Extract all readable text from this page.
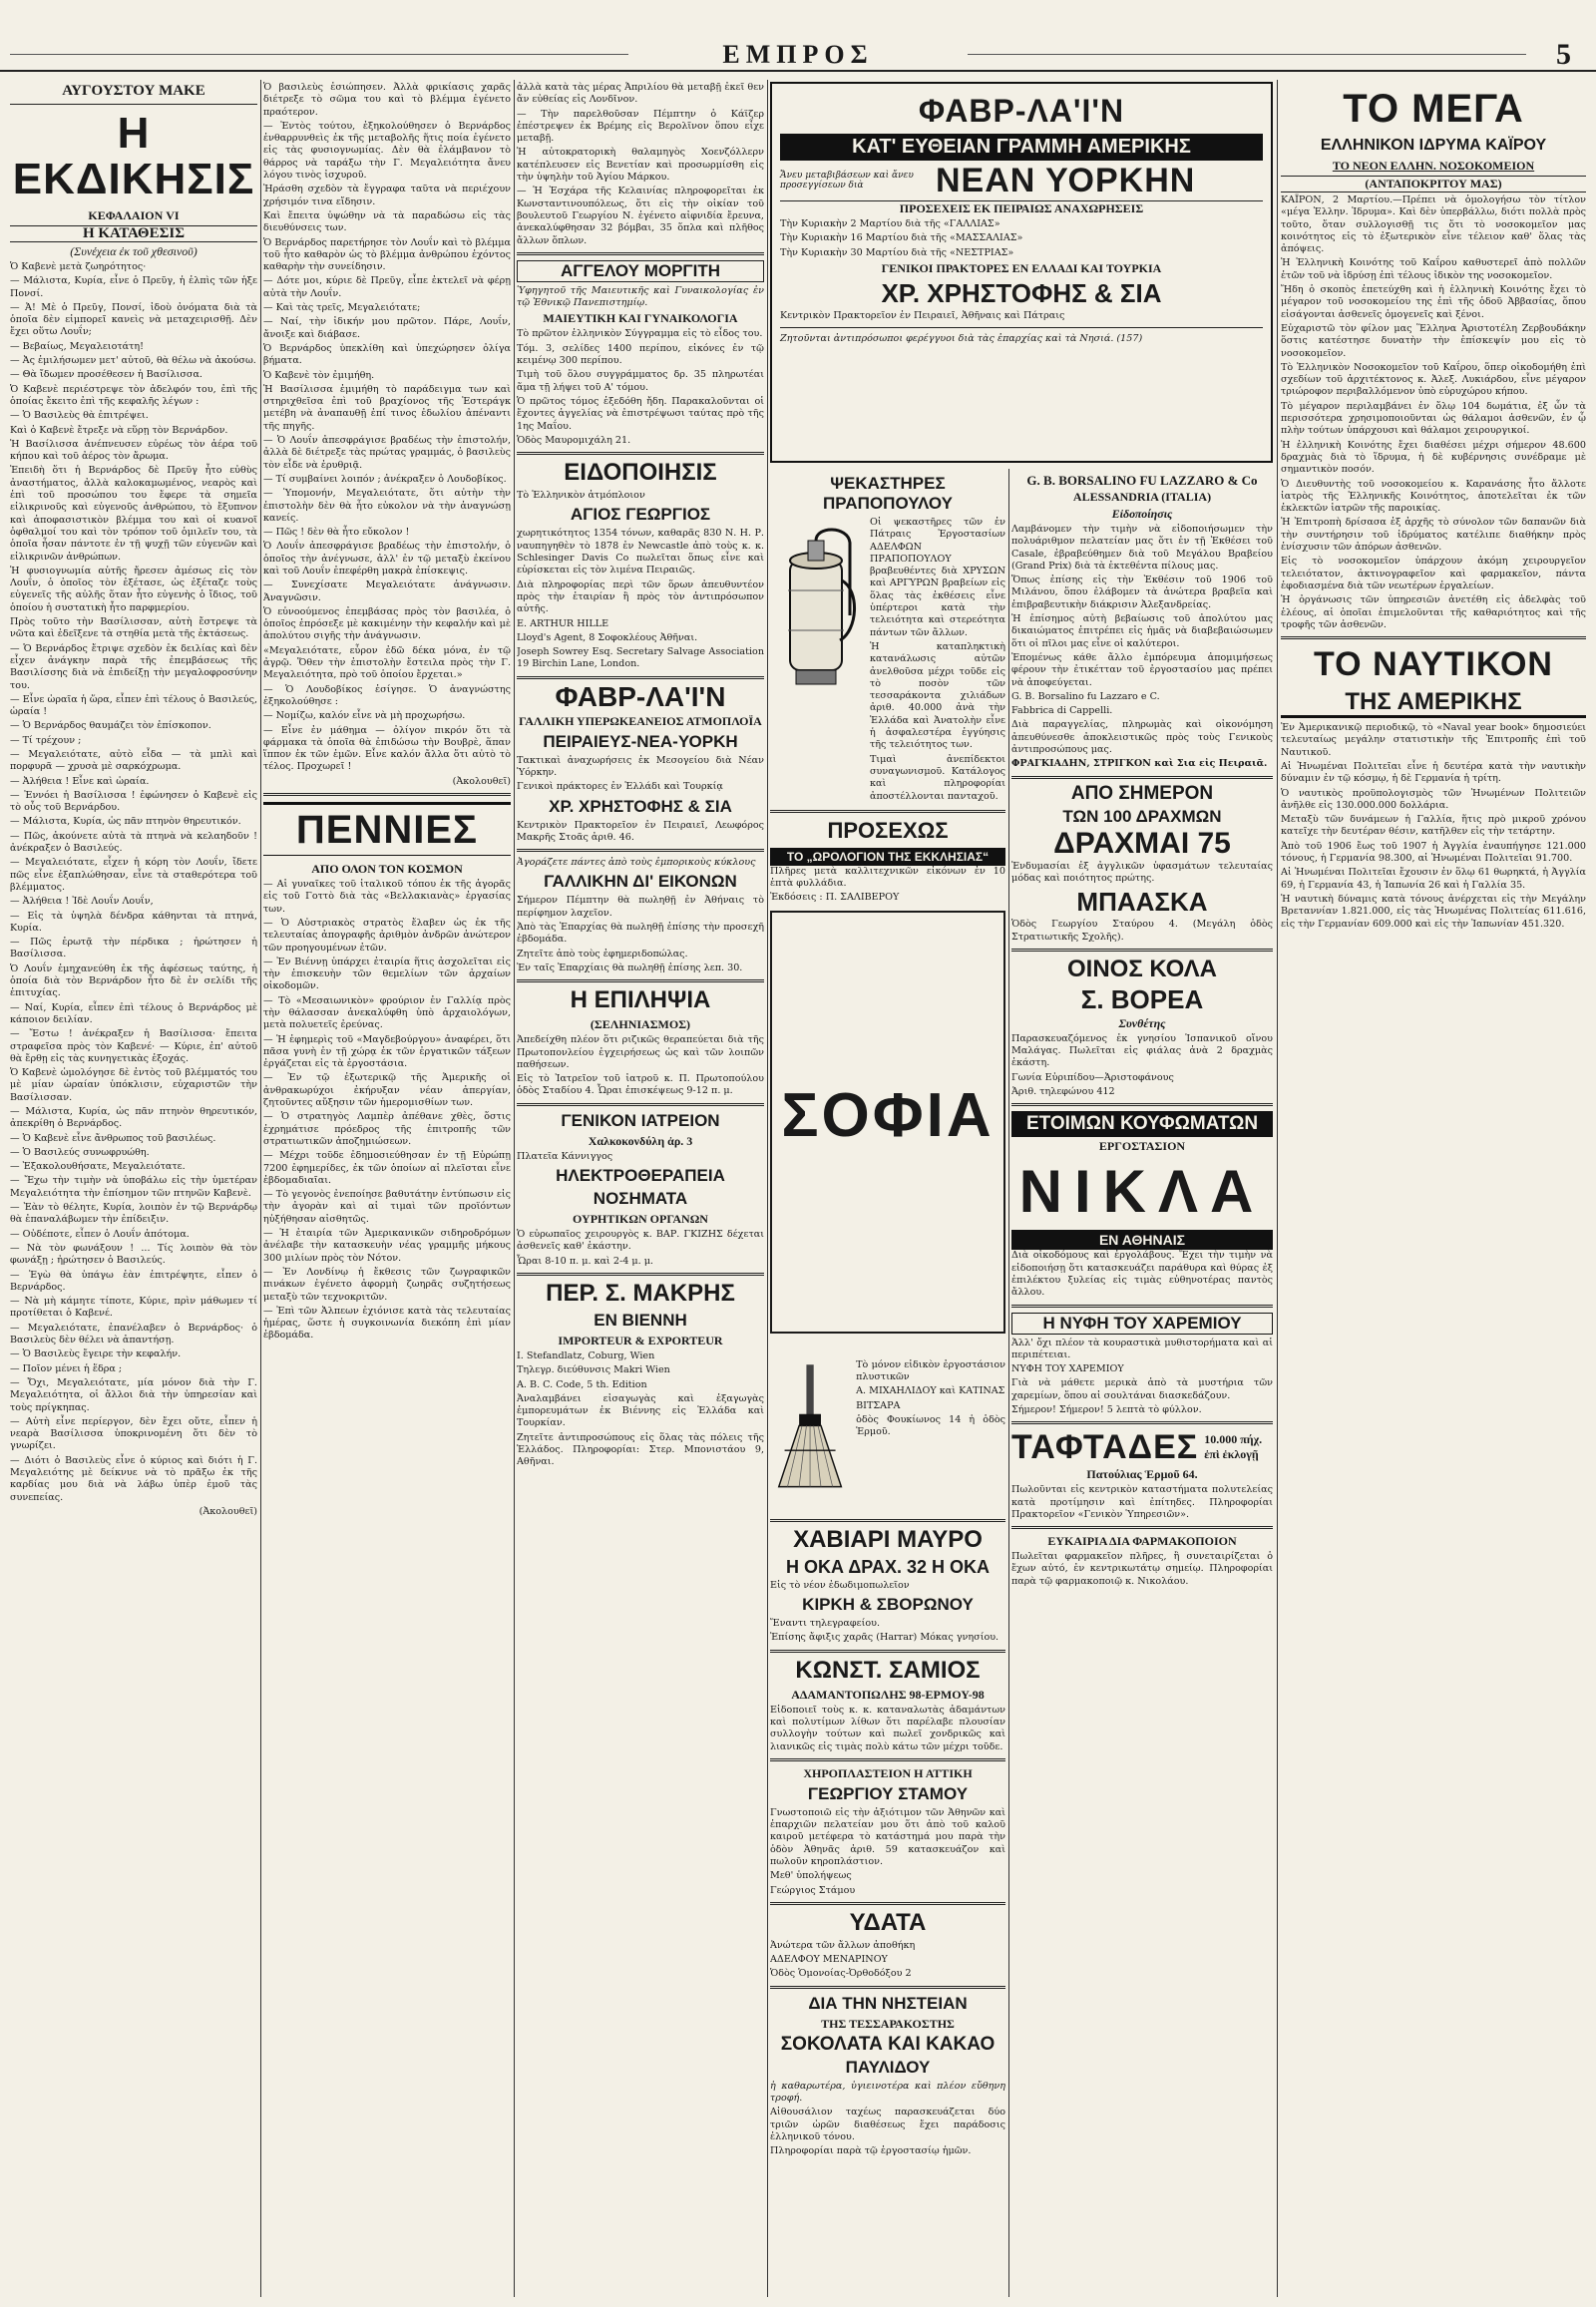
ΕΜΠΡΟΣ	5
ΑΥΓΟΥΣΤΟΥ ΜΑΚΕ
Η ΕΚΔΙΚΗΣΙΣ
ΚΕΦΑΛΑΙΟΝ VI
Η ΚΑΤΑΘΕΣΙΣ
(Συνέχεια ἐκ τοῦ χθεσινοῦ)

Ὁ Καβενὲ μετὰ ζωηρότητος·

— Μάλιστα, Κυρία, εἶνε ὁ Πρεῦγ, ἡ ἐλπὶς τῶν ἡξε Πονσί.

— Ἀ! Μὲ ὁ Πρεῦγ, Πονσί, ἰδοὺ ὀνόματα διὰ τὰ ὁποῖα δὲν εἰμπορεῖ κανεὶς νὰ μεταχειρισθῇ. Δὲν ἔχει οὕτω Λουΐν;

— Βεβαίως, Μεγαλειοτάτη!

— Ἀς ἐμιλήσωμεν μετ' αὐτοῦ, θὰ θέλω νὰ ἀκούσω.

— Θὰ ἴδωμεν προσέθεσεν ἡ Βασίλισσα.

Ὁ Καβενὲ περιέστρεψε τὸν ἀδελφόν του, ἐπὶ τῆς ὁποίας ἔκειτο ἐπὶ τῆς κεφαλῆς λέγων :

— Ὁ Βασιλεὺς θὰ ἐπιτρέψει.

Καὶ ὁ Καβενὲ ἔτρεξε νὰ εὕρῃ τὸν Βερνάρδον.

Ἡ Βασίλισσα ἀνέπνευσεν εὐρέως τὸν ἀέρα τοῦ κήπου καὶ τοῦ ἀέρος τὸν ἄρωμα.

Ἐπειδὴ ὅτι ἡ Βερνάρδος δὲ Πρεῦγ ἦτο εὐθὺς ἀναστήματος, ἀλλὰ καλοκαμωμένος, νεαρὸς καὶ ἐπὶ τοῦ προσώπου του ἔφερε τὰ σημεῖα εἰλικρινοῦς καὶ εὐγενοῦς ἀνθρώπου, τὸ ἔξυπνον καὶ ἀποφασιστικὸν βλέμμα του καὶ οἱ κυανοῖ ὀφθαλμοί του καὶ τὸν τρόπον τοῦ ὁμιλεῖν του, τὰ ὁποῖα ἦσαν πάντοτε ἐν τῇ ψυχῇ τῶν εὐγενῶν καὶ εἰλικρινῶν ἀνθρώπων.

Ἡ φυσιογνωμία αὐτῆς ἤρεσεν ἀμέσως εἰς τὸν Λουΐν, ὁ ὁποῖος τὸν ἐξέτασε, ὡς ἐξέταζε τοὺς εὐγενεῖς τῆς αὐλῆς ὅταν ἦτο εὐγενὴς ὁ ἴδιος, τοῦ ὁποίου ἡ συστατικὴ ἦτο παρφμερίου.

Πρὸς τοῦτο τὴν Βασίλισσαν, αὐτὴ ἔστρεψε τὰ νῶτα καὶ ἐδεῖξενε τὰ στηθία μετὰ τῆς ἐκτάσεως.

— Ὁ Βερνάρδος ἔτριψε σχεδὸν ἐκ δειλίας καὶ δὲν εἶχεν ἀνάγκην παρὰ τῆς ἐπεμβάσεως τῆς Βασιλίσσης διὰ νὰ ἐπιδείξῃ τὴν μεγαλοφροσύνην του.

— Εἶνε ὡραῖα ἡ ὥρα, εἶπεν ἐπὶ τέλους ὁ Βασιλεύς, ὡραία !

— Ὁ Βερνάρδος θαυμάζει τὸν ἐπίσκοπον.

— Τί τρέχουν ;

— Μεγαλειότατε, αὐτὸ εἶδα — τὰ μπλὶ καὶ πορφυρᾶ — χρυσὰ μὲ σαρκόχρωμα.

— Ἀλήθεια ! Εἶνε καὶ ὡραία.

— Ἐννόει ἡ Βασίλισσα ! ἐφώνησεν ὁ Καβενὲ εἰς τὸ οὖς τοῦ Βερνάρδου.

— Μάλιστα, Κυρία, ὡς πᾶν πτηνὸν θηρευτικόν.

— Πῶς, ἀκούνετε αὐτὰ τὰ πτηνὰ νὰ κελαηδοῦν ! ἀνέκραξεν ὁ Βασιλεύς.

— Μεγαλειότατε, εἶχεν ἡ κόρη τὸν Λουΐν, ἴδετε πῶς εἶνε ἐξαπλώθησαν, εἶνε τὰ σταθερότερα τοῦ βλέμματος.

— Ἀλήθεια ! Ἰδὲ Λουΐν Λουΐν,

— Εἰς τὰ ὑψηλὰ δένδρα κάθηνται τὰ πτηνά, Κυρία.

— Πῶς ἐρωτᾷ τὴν πέρδικα ; ἠρώτησεν ἡ Βασίλισσα.

Ὁ Λουΐν ἐμηχανεύθη ἐκ τῆς ἀφέσεως ταύτης, ἡ ὁποία διὰ τὸν Βερνάρδον ἦτο δὲ ἐν σελίδι τῆς ἐπιτυχίας.

— Ναί, Κυρία, εἶπεν ἐπὶ τέλους ὁ Βερνάρδος μὲ κάποιον δειλίαν.

— Ἔστω ! ἀνέκραξεν ἡ Βασίλισσα· ἔπειτα στραφεῖσα πρὸς τὸν Καβενέ· — Κύριε, ἐπ' αὐτοῦ θὰ ἔρθῃ εἰς τὰς κυνηγετικὰς ἐξοχάς.

Ὁ Καβενὲ ὡμολόγησε δὲ ἐντὸς τοῦ βλέμματός του μὲ μίαν ὡραίαν ὑπόκλισιν, εὐχαριστῶν τὴν Βασίλισσαν.

— Μάλιστα, Κυρία, ὡς πᾶν πτηνὸν θηρευτικόν, ἀπεκρίθη ὁ Βερνάρδος.

— Ὁ Καβενὲ εἶνε ἄνθρωπος τοῦ βασιλέως.

— Ὁ Βασιλεύς συνωφρυώθη.

— Ἐξακολουθήσατε, Μεγαλειότατε.

— Ἔχω τὴν τιμὴν νὰ ὑποβάλω εἰς τὴν ὑμετέραν Μεγαλειότητα τὴν ἐπίσημον τῶν πτηνῶν Καβενὲ.

— Ἐὰν τὸ θέλητε, Κυρία, λοιπὸν ἐν τῷ Βερνάρδῳ θὰ ἐπαναλάβωμεν τὴν ἐπίδειξιν.

— Οὐδέποτε, εἶπεν ὁ Λουΐν ἀπότομα.

— Νὰ τὸν φωνάξουν ! ... Τίς λοιπὸν θὰ τὸν φωνάξῃ ; ἠρώτησεν ὁ Βασιλεύς.

— Ἐγὼ θὰ ὑπάγω ἐὰν ἐπιτρέψητε, εἶπεν ὁ Βερνάρδος.

— Νὰ μὴ κάμητε τίποτε, Κύριε, πρὶν μάθωμεν τί προτίθεται ὁ Καβενέ.

— Μεγαλειότατε, ἐπανέλαβεν ὁ Βερνάρδος· ὁ Βασιλεὺς δὲν θέλει νὰ ἀπαντήσῃ.

— Ὁ Βασιλεὺς ἔγειρε τὴν κεφαλήν.

— Ποῖον μένει ἡ ἕδρα ;

— Ὄχι, Μεγαλειότατε, μία μόνον διὰ τὴν Γ. Μεγαλειότητα, οἱ ἄλλοι διὰ τὴν ὑπηρεσίαν καὶ τοὺς πρίγκηπας.

— Αὐτὴ εἶνε περίεργον, δὲν ἔχει οὔτε, εἶπεν ἡ νεαρὰ Βασίλισσα ὑποκρινομένη ὅτι δὲν τὸ γνωρίζει.

— Διότι ὁ Βασιλεὺς εἶνε ὁ κύριος καὶ διότι ἡ Γ. Μεγαλειότης μὲ δείκνυε νὰ τὸ πρᾶξω ἐκ τῆς καρδίας μου διὰ νὰ λάβω ὑπὲρ ἐμοῦ τὰς συνεπείας.

(Ἀκολουθεῖ)

Ὁ βασιλεὺς ἐσιώπησεν. Ἀλλὰ φρικίασις χαρᾶς διέτρεξε τὸ σῶμα του καὶ τὸ βλέμμα ἐγένετο πραότερον.

— Ἐντὸς τούτου, ἐξηκολούθησεν ὁ Βερνάρδος ἐνθαρρυνθεὶς ἐκ τῆς μεταβολῆς ἥτις ποία ἐγένετο εἰς τὰς φυσιογνωμίας. Δὲν θὰ ἐλάμβανον τὸ θάρρος νὰ ταράξω τὴν Γ. Μεγαλειότητα ἄνευ λόγου τινὸς ἰσχυροῦ.

Ἠράσθη σχεδὸν τὰ ἔγγραφα ταῦτα νὰ περιέχουν χρήσιμόν τινα εἴδησιν.

Καὶ ἔπειτα ὑψώθην νὰ τὰ παραδώσω εἰς τὰς διευθύνσεις των.

Ὁ Βερνάρδος παρετήρησε τὸν Λουΐν καὶ τὸ βλέμμα τοῦ ἦτο καθαρὸν ὡς τὸ βλέμμα ἀνθρώπου ἐχόντος καθαρὴν τὴν συνείδησιν.

— Δότε μοι, κύριε δὲ Πρεῦγ, εἶπε ἐκτελεῖ νὰ φέρῃ αὐτὰ τὴν Λουΐν.

— Καὶ τὰς τρεῖς, Μεγαλειότατε;

— Ναί, τὴν ἰδικήν μου πρῶτον. Πάρε, Λουΐν, ἄνοιξε καὶ διάβασε.

Ὁ Βερνάρδος ὑπεκλίθη καὶ ὑπεχώρησεν ὀλίγα βήματα.

Ὁ Καβενὲ τὸν ἐμιμήθη.

Ἡ Βασίλισσα ἐμιμήθη τὸ παράδειγμα των καὶ στηριχθεῖσα ἐπὶ τοῦ βραχίονος τῆς Ἐστεράγκ μετέβη νὰ ἀναπαυθῇ ἐπί τινος ἐδωλίου ἀπέναντι τῆς πηγῆς.

— Ὁ Λουΐν ἀπεσφράγισε βραδέως τὴν ἐπιστολήν, ἀλλὰ δὲ διέτρεξε τὰς πρώτας γραμμάς, ὁ βασιλεὺς τὸν εἶδε νὰ ἐρυθριᾷ.

— Τί συμβαίνει λοιπόν ; ἀνέκραξεν ὁ Λουδοβίκος.

— Ὑπομονήν, Μεγαλειότατε, ὅτι αὐτὴν τὴν ἐπιστολὴν δὲν θὰ ἦτο εὐκολον νὰ τὴν ἀναγνώσῃ κανείς.

— Πῶς ! δὲν θὰ ἦτο εὔκολον !

Ὁ Λουΐν ἀπεσφράγισε βραδέως τὴν ἐπιστολήν, ὁ ὁποῖος τὴν ἀνέγνωσε, ἀλλ' ἐν τῷ μεταξὺ ἐκείνου καὶ τοῦ Λουΐν ἐπεφέρθη μακρὰ ἐπίσκεψις.

— Συνεχίσατε Μεγαλειότατε ἀνάγνωσιν. Ἀναγνῶσιν.

Ὁ εὐνοούμενος ἐπεμβάσας πρὸς τὸν βασιλέα, ὁ ὁποῖος ἐπρόσεξε μὲ κακιμένην τὴν κεφαλήν καὶ μὲ ἀπολύτου σιγῆς τὴν ἀνάγνωσιν.

«Μεγαλειότατε, εὗρον ἐδῶ δέκα μόνα, ἐν τῷ ἀγρῷ. Ὅθεν τὴν ἐπιστολὴν ἔστειλα πρὸς τὴν Γ. Μεγαλειότητα, πρὸ τοῦ ὁποίου ἔρχεται.»

— Ὁ Λουδοβίκος ἐσίγησε. Ὁ ἀναγνώστης ἐξηκολούθησε :

— Νομίζω, καλόν εἶνε νὰ μὴ προχωρήσω.

— Εἶνε ἐν μάθημα — ὀλίγον πικρόν ὅτι τὰ φάρμακα τὰ ὁποῖα θὰ ἐπιδώσω τὴν Βουβρὲ, ἅπαν ἵππον ἐκ τῶν ἐμῶν. Εἶνε καλόν ἄλλα ὅτι αὐτὸ τὸ τέλος. Προχωρεῖ !

(Ἀκολουθεῖ)

ΠΕΝΝΙΕΣ
ΑΠΟ ΟΛΟΝ ΤΟΝ ΚΟΣΜΟΝ

— Αἱ γυναῖκες τοῦ ἰταλικοῦ τόπου ἐκ τῆς ἀγορᾶς εἰς τοῦ Γοττὸ διὰ τὰς «Βελλακιανὰς» ἐργασίας των.

— Ὁ Αὐστριακὸς στρατὸς ἔλαβεν ὡς ἐκ τῆς τελευταίας ἀπογραφῆς ἀριθμὸν ἀνδρῶν ἀνώτερον τῶν προηγουμένων ἐτῶν.

— Ἐν Βιέννῃ ὑπάρχει ἐταιρία ἥτις ἀσχολεῖται εἰς τὴν ἐπισκευὴν τῶν θεμελίων τῶν ἀρχαίων οἰκοδομῶν.

— Τὸ «Μεσαιωνικὸν» φρούριον ἐν Γαλλίᾳ πρὸς τὴν θάλασσαν ἀνεκαλύφθη ὑπὸ ἀρχαιολόγων, μετὰ πολυετεῖς ἐρεύνας.

— Ἡ ἐφημερὶς τοῦ «Μαγδεβούργου» ἀναφέρει, ὅτι πᾶσα γυνὴ ἐν τῇ χώρᾳ ἐκ τῶν ἐργατικῶν τάξεων ἐργάζεται εἰς τὰ ἐργοστάσια.

— Ἐν τῷ ἐξωτερικῷ τῆς Ἀμερικῆς οἱ ἀνθρακωρύχοι ἐκήρυξαν νέαν ἀπεργίαν, ζητοῦντες αὔξησιν τῶν ἡμερομισθίων των.

— Ὁ στρατηγὸς Λαμπὲρ ἀπέθανε χθὲς, ὅστις ἐχρημάτισε πρόεδρος τῆς ἐπιτροπῆς τῶν στρατιωτικῶν ἀποζημιώσεων.

— Μέχρι τοῦδε ἐδημοσιεύθησαν ἐν τῇ Εὐρώπῃ 7200 ἐφημερίδες, ἐκ τῶν ὁποίων αἱ πλεῖσται εἶνε ἑβδομαδιαῖαι.

— Τὸ γεγονὸς ἐνεποίησε βαθυτάτην ἐντύπωσιν εἰς τὴν ἀγορὰν καὶ αἱ τιμαὶ τῶν προϊόντων ηὐξήθησαν αἰσθητῶς.

— Ἡ ἐταιρία τῶν Ἀμερικανικῶν σιδηροδρόμων ἀνέλαβε τὴν κατασκευὴν νέας γραμμῆς μήκους 300 μιλίων πρὸς τὸν Νότον.

— Ἐν Λονδίνῳ ἡ ἔκθεσις τῶν ζωγραφικῶν πινάκων ἐγένετο ἀφορμὴ ζωηρᾶς συζητήσεως μεταξὺ τῶν τεχνοκριτῶν.

— Ἐπὶ τῶν Ἀλπεων ἐχιόνισε κατὰ τὰς τελευταίας ἡμέρας, ὥστε ἡ συγκοινωνία διεκόπη ἐπὶ μίαν ἑβδομάδα.

ἀλλὰ κατὰ τὰς μέρας Ἀπριλίου θὰ μεταβῇ ἐκεῖ θεν ἄν εὐθείας εἰς Λονδῖνον.

— Τὴν παρελθοῦσαν Πέμπτην ὁ Κάϊζερ ἐπέστρεψεν ἐκ Βρέμης εἰς Βερολῖνον ὅπου εἶχε μεταβῇ.

Ἡ αὐτοκρατορικὴ θαλαμηγὸς Χοενζόλλερν κατέπλευσεν εἰς Βενετίαν καὶ προσωρμίσθη εἰς τὴν ὑψηλὴν τοῦ Ἁγίου Μάρκου.

— Ἡ Ἐσχάρα τῆς Κελαινίας πληροφορεῖται ἐκ Κωνσταντινουπόλεως, ὅτι εἰς τὴν οἰκίαν τοῦ βουλευτοῦ Γεωργίου Ν. ἐγένετο αἰφνιδία ἔρευνα, ἀνεκαλύφθησαν 32 βόμβαι, 35 ὅπλα καὶ πλῆθος ἄλλων ὅπλων.

ΑΓΓΕΛΟΥ ΜΟΡΓΙΤΗ

Ὑφηγητοῦ τῆς Μαιευτικῆς καὶ Γυναικολογίας ἐν τῷ Ἐθνικῷ Πανεπιστημίῳ.

ΜΑΙΕΥΤΙΚΗ ΚΑΙ ΓΥΝΑΙΚΟΛΟΓΙΑ

Τὸ πρῶτον ἑλληνικὸν Σύγγραμμα εἰς τὸ εἶδος του.

Τόμ. 3, σελίδες 1400 περίπου, εἰκόνες ἐν τῷ κειμένῳ 300 περίπου.

Τιμὴ τοῦ ὅλου συγγράμματος δρ. 35 πληρωτέαι ἅμα τῇ λήψει τοῦ Α' τόμου.

Ὁ πρῶτος τόμος ἐξεδόθη ἤδη. Παρακαλοῦνται οἱ ἔχοντες ἀγγελίας νὰ ἐπιστρέψωσι ταύτας πρὸ τῆς 1ης Μαΐου.

Ὁδὸς Μαυρομιχάλη 21.

ΕΙΔΟΠΟΙΗΣΙΣ

Τὸ Ἑλληνικὸν ἀτμόπλοιον

ΑΓΙΟΣ ΓΕΩΡΓΙΟΣ

χωρητικότητος 1354 τόνων, καθαρᾶς 830 Ν. Η. Ρ. ναυπηγηθὲν τὸ 1878 ἐν Newcastle ἀπὸ τοὺς κ. κ. Schlesinger Davis Co πωλεῖται ὅπως εἶνε καὶ εὑρίσκεται εἰς τὸν λιμένα Πειραιῶς.

Διὰ πληροφορίας περὶ τῶν ὅρων ἀπευθυντέον πρὸς τὴν ἐταιρίαν ἢ πρὸς τὸν ἀντιπρόσωπον αὐτῆς.

E. ARTHUR HILLE

Lloyd's Agent, 8 Σοφοκλέους Ἀθῆναι.

Joseph Sowrey Esq. Secretary Salvage Association 19 Birchin Lane, London.

ΦΑΒΡ-ΛΑ'Ι'Ν
ΓΑΛΛΙΚΗ ΥΠΕΡΩΚΕΑΝΕΙΟΣ ΑΤΜΟΠΛΟΪΑ
ΠΕΙΡΑΙΕΥΣ-ΝΕΑ-ΥΟΡΚΗ

Τακτικαὶ ἀναχωρήσεις ἐκ Μεσογείου διὰ Νέαν Ὑόρκην.

Γενικοὶ πράκτορες ἐν Ἑλλάδι καὶ Τουρκίᾳ

ΧΡ. ΧΡΗΣΤΟΦΗΣ & ΣΙΑ

Κεντρικὸν Πρακτορεῖον ἐν Πειραιεῖ, Λεωφόρος Μακρῆς Στοᾶς ἀριθ. 46.

Ἀγοράζετε πάντες ἀπὸ τοὺς ἐμπορικοὺς κύκλους

ΓΑΛΛΙΚΗΝ ΔΙ' ΕΙΚΟΝΩΝ

Σήμερον Πέμπτην θὰ πωληθῇ ἐν Ἀθήναις τὸ περίφημον λαχεῖον.

Ἀπὸ τὰς Ἐπαρχίας θὰ πωληθῇ ἐπίσης τὴν προσεχῆ ἑβδομάδα.

Ζητεῖτε ἀπὸ τοὺς ἐφημεριδοπώλας.

Ἐν ταῖς Ἐπαρχίαις θὰ πωληθῇ ἐπίσης λεπ. 30.

Η ΕΠΙΛΗΨΙΑ
(ΣΕΛΗΝΙΑΣΜΟΣ)

Ἀπεδείχθη πλέον ὅτι ριζικῶς θεραπεύεται διὰ τῆς Πρωτοπονλείου ἐγχειρήσεως ὡς καὶ τῶν λοιπῶν παθήσεων.

Εἰς τὸ Ἰατρεῖον τοῦ ἰατροῦ κ. Π. Πρωτοπούλου ὁδὸς Σταδίου 4. Ὧραι ἐπισκέψεως 9-12 π. μ.

ΓΕΝΙΚΟΝ ΙΑΤΡΕΙΟΝ
Χαλκοκονδύλη ἀρ. 3

Πλατεῖα Κάννιγγος

ΗΛΕΚΤΡΟΘΕΡΑΠΕΙΑ
ΝΟΣΗΜΑΤΑ
ΟΥΡΗΤΙΚΩΝ ΟΡΓΑΝΩΝ

Ὁ εὐρωπαῖος χειρουργὸς κ. ΒΑΡ. ΓΚΙΖΗΣ δέχεται ἀσθενεῖς καθ' ἑκάστην.

Ὧραι 8-10 π. μ. καὶ 2-4 μ. μ.

ΠΕΡ. Σ. ΜΑΚΡΗΣ
ΕΝ ΒΙΕΝΝΗ
IMPORTEUR & EXPORTEUR

I. Stefandlatz, Coburg, Wien

Τηλεγρ. διεύθυνσις Makri Wien

A. B. C. Code, 5 th. Edition

Ἀναλαμβάνει εἰσαγωγὰς καὶ ἐξαγωγὰς ἐμπορευμάτων ἐκ Βιέννης εἰς Ἑλλάδα καὶ Τουρκίαν.

Ζητεῖτε ἀντιπροσώπους εἰς ὅλας τὰς πόλεις τῆς Ἑλλάδος. Πληροφορίαι: Στερ. Μπονιστάου 9, Αθῆναι.

ΦΑΒΡ-ΛΑ'Ι'Ν
ΚΑΤ' ΕΥΘΕΙΑΝ ΓΡΑΜΜΗ ΑΜΕΡΙΚΗΣ
Ἄνευ μεταβιβάσεων καὶ ἄνευ προσεγγίσεων διὰ	ΝΕΑΝ ΥΟΡΚΗΝ
ΠΡΟΣΕΧΕΙΣ ΕΚ ΠΕΙΡΑΙΩΣ ΑΝΑΧΩΡΗΣΕΙΣ

Τὴν Κυριακὴν 2 Μαρτίου διὰ τῆς «ΓΑΛΛΙΑΣ»

Τὴν Κυριακὴν 16 Μαρτίου διὰ τῆς «ΜΑΣΣΑΛΙΑΣ»

Τὴν Κυριακὴν 30 Μαρτίου διὰ τῆς «ΝΕΣΤΡΙΑΣ»

ΓΕΝΙΚΟΙ ΠΡΑΚΤΟΡΕΣ ΕΝ ΕΛΛΑΔΙ ΚΑΙ ΤΟΥΡΚΙΑ
ΧΡ. ΧΡΗΣΤΟΦΗΣ & ΣΙΑ

Κεντρικὸν Πρακτορεῖον ἐν Πειραιεῖ, Ἀθῆναις καὶ Πάτραις

Ζητοῦνται ἀντιπρόσωποι φερέγγυοι διὰ τὰς ἐπαρχίας καὶ τὰ Νησιά. (157)

ΨΕΚΑΣΤΗΡΕΣ ΠΡΑΠΟΠΟΥΛΟΥ

Οἱ ψεκαστῆρες τῶν ἐν Πάτραις Ἐργοστασίων ΑΔΕΛΦΩΝ ΠΡΑΠΟΠΟΥΛΟΥ βραβευθέντες διὰ ΧΡΥΣΩΝ καὶ ΑΡΓΥΡΩΝ βραβείων εἰς ὅλας τὰς ἐκθέσεις εἶνε ὑπέρτεροι κατὰ τὴν τελειότητα καὶ στερεότητα πάντων τῶν ἄλλων.

Ἡ καταπληκτικὴ κατανάλωσις αὐτῶν ἀνελθοῦσα μέχρι τοῦδε εἰς τὸ ποσὸν τῶν τεσσαράκοντα χιλιάδων ἀριθ. 40.000 ἀνὰ τὴν Ἑλλάδα καὶ Ἀνατολὴν εἶνε ἡ ἀσφαλεστέρα ἐγγύησις τῆς τελειότητος των.

Τιμαὶ ἀνεπίδεκτοι συναγωνισμοῦ. Κατάλογος καὶ πληροφορίαι ἀποστέλλονται πανταχοῦ.

ΠΡΟΣΕΧΩΣ
ΤΟ „ΩΡΟΛΟΓΙΟΝ ΤΗΣ ΕΚΚΛΗΣΙΑΣ“

Πλῆρες μετὰ καλλιτεχνικῶν εἰκόνων ἐν 10 ἑπτὰ φυλλάδια.

Ἐκδόσεις : Π. ΣΑΛΙΒΕΡΟΥ

ΣΟΦΙΑ

Τὸ μόνον εἰδικὸν ἐργοστάσιον πλυστικῶν

Α. ΜΙΧΑΗΛΙΔΟΥ καὶ ΚΑΤΙΝΑΣ

ΒΙΤΣΑΡΑ

ὁδὸς Φουκίωνος 14 ἡ ὁδὸς Ἑρμοῦ.

ΧΑΒΙΑΡΙ ΜΑΥΡΟ
Η ΟΚΑ ΔΡΑΧ. 32 Η ΟΚΑ

Εἰς τὸ νέον ἐδωδιμοπωλεῖον

ΚΙΡΚΗ & ΣΒΟΡΩΝΟΥ

Ἔναντι τηλεγραφείου.

Ἐπίσης ἄφιξις χαρᾶς (Harrar) Μόκας γνησίου.

ΚΩΝΣΤ. ΣΑΜΙΟΣ
ΑΔΑΜΑΝΤΟΠΩΛΗΣ 98-ΕΡΜΟΥ-98

Εἰδοποιεῖ τοὺς κ. κ. καταναλωτὰς ἀδαμάντων καὶ πολυτίμων λίθων ὅτι παρέλαβε πλουσίαν συλλογὴν τούτων καὶ πωλεῖ χονδρικῶς καὶ λιανικῶς εἰς τιμὰς πολὺ κάτω τῶν μέχρι τοῦδε.

ΧΗΡΟΠΛΑΣΤΕΙΟΝ Η ΑΤΤΙΚΗ
ΓΕΩΡΓΙΟΥ ΣΤΑΜΟΥ

Γνωστοποιῶ εἰς τὴν ἀξιότιμον τῶν Ἀθηνῶν καὶ ἐπαρχιῶν πελατείαν μου ὅτι ἀπὸ τοῦ καλοῦ καιροῦ μετέφερα τὸ κατάστημά μου παρὰ τὴν ὁδὸν Ἀθηνᾶς ἀριθ. 59 κατασκευάζον καὶ πωλοῦν κηροπλάστιον.

Μεθ' ὑπολήψεως

Γεώργιος Στάμου

ΥΔΑΤΑ

Ἀνώτερα τῶν ἄλλων ἀποθήκη

ΑΔΕΛΦΟΥ ΜΕΝΑΡΙΝΟΥ

Ὁδὸς Ὁμονοίας-Ὀρθοδόξου 2

ΔΙΑ ΤΗΝ ΝΗΣΤΕΙΑΝ
ΤΗΣ ΤΕΣΣΑΡΑΚΟΣΤΗΣ
ΣΟΚΟΛΑΤΑ ΚΑΙ ΚΑΚΑΟ
ΠΑΥΛΙΔΟΥ

ἡ καθαρωτέρα, ὑγιεινοτέρα καὶ πλέον εὔθηνη τροφή.

Αἰθουσάλιον ταχέως παρασκευάζεται δύο τριῶν ὡρῶν διαθέσεως ἔχει παράδοσις ἐλληνικοῦ τόνου.

Πληροφορίαι παρὰ τῷ ἐργοστασίῳ ἡμῶν.

G. B. BORSALINO FU LAZZARO & Co
ALESSANDRIA (ITALIA)
Εἰδοποίησις

Λαμβάνομεν τὴν τιμὴν νὰ εἰδοποιήσωμεν τὴν πολυάριθμον πελατείαν μας ὅτι ἐν τῇ Ἐκθέσει τοῦ Casale, ἐβραβεύθημεν διὰ τοῦ Μεγάλου Βραβείου (Grand Prix) διὰ τὰ ἐκτεθέντα πίλους μας.

Ὅπως ἐπίσης εἰς τὴν Ἐκθέσιν τοῦ 1906 τοῦ Μιλάνου, ὅπου ἐλάβομεν τὰ ἀνώτερα βραβεῖα καὶ ἐπιβραβευτικὴν διάκρισιν Ἀλεξανδρείας.

Ἡ ἐπίσημος αὐτὴ βεβαίωσις τοῦ ἀπολύτου μας δικαιώματος ἐπιτρέπει εἰς ἡμᾶς νὰ διαβεβαιώσωμεν ὅτι οἱ πῖλοι μας εἶνε οἱ καλύτεροι.

Ἐπομένως κάθε ἄλλο ἐμπόρευμα ἀπομιμήσεως φέρουν τὴν ἐτικέτταν τοῦ ἐργοστασίου μας πρέπει νὰ ἀποφεύγεται.

G. B. Borsalino fu Lazzaro e C.

Fabbrica di Cappelli.

Διὰ παραγγελίας, πληρωμὰς καὶ οἰκονόμηση ἀπευθύνεσθε ἀποκλειστικῶς πρὸς τοὺς Γενικοὺς ἀντιπροσώπους μας.

ΦΡΑΓΚΙΑΔΗΝ, ΣΤΡΙΓΚΟΝ καὶ Σια εἰς Πειραιᾶ.

ΑΠΟ ΣΗΜΕΡΟΝ
ΤΩΝ 100 ΔΡΑΧΜΩΝ
ΔΡΑΧΜΑΙ 75

Ἐνδυμασίαι ἐξ ἀγγλικῶν ὑφασμάτων τελευταίας μόδας καὶ ποιότητος πρώτης.

ΜΠΑΑΣΚΑ

Ὁδὸς Γεωργίου Σταύρου 4. (Μεγάλη ὁδὸς Στρατιωτικῆς Σχολῆς).

ΟΙΝΟΣ ΚΟΛΑ
Σ. ΒΟΡΕΑ
Συνθέτης

Παρασκευαζόμενος ἐκ γνησίου Ἱσπανικοῦ οἴνου Μαλάγας. Πωλεῖται εἰς φιάλας ἀνὰ 2 δραχμὰς ἑκάστη.

Γωνία Εὐριπίδου—Ἀριστοφάνους

Ἀριθ. τηλεφώνου 412

ΕΤΟΙΜΩΝ ΚΟΥΦΩΜΑΤΩΝ
ΕΡΓΟΣΤΑΣΙΟΝ
ΝΙΚΛΑ
ΕΝ ΑΘΗΝΑΙΣ

Διὰ οἰκοδόμους καὶ ἐργολάβους. Ἔχει τὴν τιμὴν νὰ εἰδοποιήσῃ ὅτι κατασκευάζει παράθυρα καὶ θύρας ἐξ ἐπιλέκτου ξυλείας εἰς τιμὰς εὐθηνοτέρας παντὸς ἄλλου.

Η ΝΥΦΗ ΤΟΥ ΧΑΡΕΜΙΟΥ

Ἀλλ' ὄχι πλέον τὰ κουραστικὰ μυθιστορήματα καὶ αἱ περιπέτειαι.

ΝΥΦΗ ΤΟΥ ΧΑΡΕΜΙΟΥ

Γιὰ νὰ μάθετε μερικὰ ἀπὸ τὰ μυστήρια τῶν χαρεμίων, ὅπου αἱ σουλτάναι διασκεδάζουν.

Σήμερον! Σήμερον! 5 λεπτὰ τὸ φύλλον.

ΤΑΦΤΑΔΕΣ 10.000 πήχ. ἐπὶ ἐκλογῇ
Πατούλιας Ἑρμοῦ 64.

Πωλοῦνται εἰς κεντρικὸν καταστήματα πολυτελείας κατὰ προτίμησιν καὶ ἐπίτηδες. Πληροφορίαι Πρακτορεῖον «Γενικὸν Ὑπηρεσιῶν».

ΕΥΚΑΙΡΙΑ ΔΙΑ ΦΑΡΜΑΚΟΠΟΙΟΝ

Πωλεῖται φαρμακεῖον πλῆρες, ἢ συνεταιρίζεται ὁ ἔχων αὐτό, ἐν κεντρικωτάτῳ σημείῳ. Πληροφορίαι παρὰ τῷ φαρμακοποιῷ κ. Νικολάου.

ΤΟ ΜΕΓΑ
ΕΛΛΗΝΙΚΟΝ ΙΔΡΥΜΑ ΚΑΪΡΟΥ
ΤΟ ΝΕΟΝ ΕΛΛΗΝ. ΝΟΣΟΚΟΜΕΙΟΝ
(ΑΝΤΑΠΟΚΡΙΤΟΥ ΜΑΣ)

ΚΑΪΡΟΝ, 2 Μαρτίου.—Πρέπει νὰ ὁμολογήσω τὸν τίτλον «μέγα Ἑλλην. Ἰδρυμα». Καὶ δὲν ὑπερβάλλω, διότι πολλὰ πρὸς τοῦτο, ὅταν συλλογισθῇ τις ὅτι τὸ νοσοκομεῖον μας κοινότητος εἰς τὸ ἐξωτερικὸν εἶνε τέλειον καθ' ὅλας τὰς ἀπόψεις.

Ἡ Ἑλληνικὴ Κοινότης τοῦ Καΐρου καθυστερεῖ ἀπὸ πολλῶν ἐτῶν τοῦ νὰ ἱδρύσῃ ἐπὶ τέλους ἰδικὸν της νοσοκομεῖον.

Ἤδη ὁ σκοπὸς ἐπετεύχθη καὶ ἡ ἑλληνικὴ Κοινότης ἔχει τὸ μέγαρον τοῦ νοσοκομείου της ἐπὶ τῆς ὁδοῦ Ἀββασίας, ὅπου εἰσάγονται ἀσθενεῖς ὁμογενεῖς καὶ ξένοι.

Εὐχαριστῶ τὸν φίλον μας Ἕλληνα Ἀριστοτέλη Ζερβουδάκην ὅστις κατέστησε δυνατὴν τὴν ἐπίσκεψίν μου εἰς τὸ νοσοκομεῖον.

Τὸ Ἑλληνικὸν Νοσοκομεῖον τοῦ Καΐρου, ὅπερ οἰκοδομήθη ἐπὶ σχεδίων τοῦ ἀρχιτέκτονος κ. Ἀλεξ. Λυκιάρδου, εἶνε μέγαρον τριώροφον περιβαλλόμενον ὑπὸ εὐρυχώρου κήπου.

Τὸ μέγαρον περιλαμβάνει ἐν ὅλῳ 104 δωμάτια, ἐξ ὧν τὰ περισσότερα χρησιμοποιοῦνται ὡς θάλαμοι ἀσθενῶν, ἐν ᾧ πλὴν τούτων ὑπάρχουσι καὶ θάλαμοι χειρουργικοί.

Ἡ ἑλληνικὴ Κοινότης ἔχει διαθέσει μέχρι σήμερον 48.600 δραχμὰς διὰ τὸ ἵδρυμα, ἡ δὲ κυβέρνησις συνέδραμε μὲ σημαντικὸν ποσόν.

Ὁ Διευθυντὴς τοῦ νοσοκομείου κ. Καρανάσης ἦτο ἄλλοτε ἰατρὸς τῆς Ἑλληνικῆς Κοινότητος, ἀποτελεῖται ἐκ τῶν ἐκλεκτῶν ἰατρῶν τῆς παροικίας.

Ἡ Ἐπιτροπὴ δρίσασα ἐξ ἀρχῆς τὸ σύνολον τῶν δαπανῶν διὰ τὴν συντήρησιν τοῦ ἱδρύματος κατέλιπε διαθήκην πρὸς ἐνίσχυσιν τῶν ἀπόρων ἀσθενῶν.

Εἰς τὸ νοσοκομεῖον ὑπάρχουν ἀκόμη χειρουργεῖον τελειότατον, ἀκτινογραφεῖον καὶ φαρμακεῖον, πάντα ἐφοδιασμένα διὰ τῶν νεωτέρων ἐργαλείων.

Ἡ ὀργάνωσις τῶν ὑπηρεσιῶν ἀνετέθη εἰς ἀδελφὰς τοῦ ἐλέους, αἱ ὁποῖαι ἐπιμελοῦνται τῆς καθαριότητος καὶ τῆς τροφῆς τῶν ἀσθενῶν.

ΤΟ ΝΑΥΤΙΚΟΝ
ΤΗΣ ΑΜΕΡΙΚΗΣ

Ἐν Ἀμερικανικῷ περιοδικῷ, τὸ «Naval year book» δημοσιεύει τελευταίως μεγάλην στατιστικὴν τῆς Ἐπιτροπῆς ἐπὶ τοῦ Ναυτικοῦ.

Αἱ Ἡνωμέναι Πολιτεῖαι εἶνε ἡ δευτέρα κατὰ τὴν ναυτικὴν δύναμιν ἐν τῷ κόσμῳ, ἡ δὲ Γερμανία ἡ τρίτη.

Ὁ ναυτικὸς προϋπολογισμὸς τῶν Ἡνωμένων Πολιτειῶν ἀνῆλθε εἰς 130.000.000 δολλάρια.

Μεταξὺ τῶν δυνάμεων ἡ Γαλλία, ἥτις πρὸ μικροῦ χρόνου κατεῖχε τὴν δευτέραν θέσιν, κατῆλθεν εἰς τὴν τετάρτην.

Ἀπὸ τοῦ 1906 ἔως τοῦ 1907 ἡ Ἀγγλία ἐναυπήγησε 121.000 τόνους, ἡ Γερμανία 98.300, αἱ Ἡνωμέναι Πολιτεῖαι 91.700.

Αἱ Ἡνωμέναι Πολιτεῖαι ἔχουσιν ἐν ὅλῳ 61 θωρηκτά, ἡ Ἀγγλία 69, ἡ Γερμανία 43, ἡ Ἰαπωνία 26 καὶ ἡ Γαλλία 35.

Ἡ ναυτικὴ δύναμις κατὰ τόνους ἀνέρχεται εἰς τὴν Μεγάλην Βρεταννίαν 1.821.000, εἰς τὰς Ἡνωμένας Πολιτείας 611.616, εἰς τὴν Γερμανίαν 609.000 καὶ εἰς τὴν Ἰαπωνίαν 451.320.
